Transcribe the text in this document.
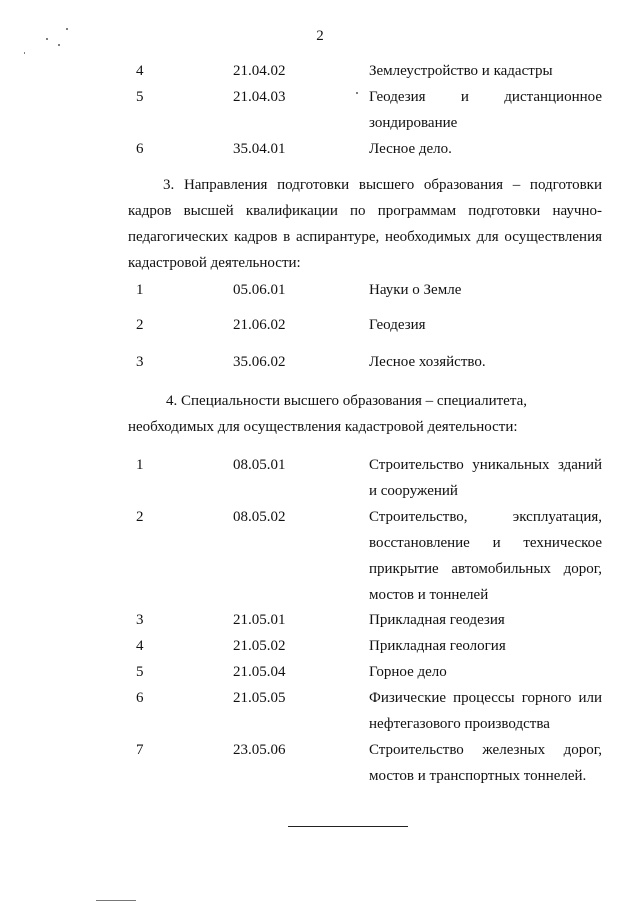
2
4	21.04.02	Землеустройство и кадастры
5	21.04.03	Геодезия и дистанционное
зондирование
6	35.04.01	Лесное дело.
3. Направления подготовки высшего образования – подготовки
кадров высшей квалификации по программам подготовки научно-
педагогических кадров в аспирантуре, необходимых для осуществления
кадастровой деятельности:
1	05.06.01	Науки о Земле
2	21.06.02	Геодезия
3	35.06.02	Лесное хозяйство.
4. Специальности высшего образования – специалитета,
необходимых для осуществления кадастровой деятельности:
1	08.05.01	Строительство уникальных зданий
и сооружений
2	08.05.02	Строительство, эксплуатация,
восстановление и техническое
прикрытие автомобильных дорог,
мостов и тоннелей
3	21.05.01	Прикладная геодезия
4	21.05.02	Прикладная геология
5	21.05.04	Горное дело
6	21.05.05	Физические процессы горного или
нефтегазового производства
7	23.05.06	Строительство железных дорог,
мостов и транспортных тоннелей.
